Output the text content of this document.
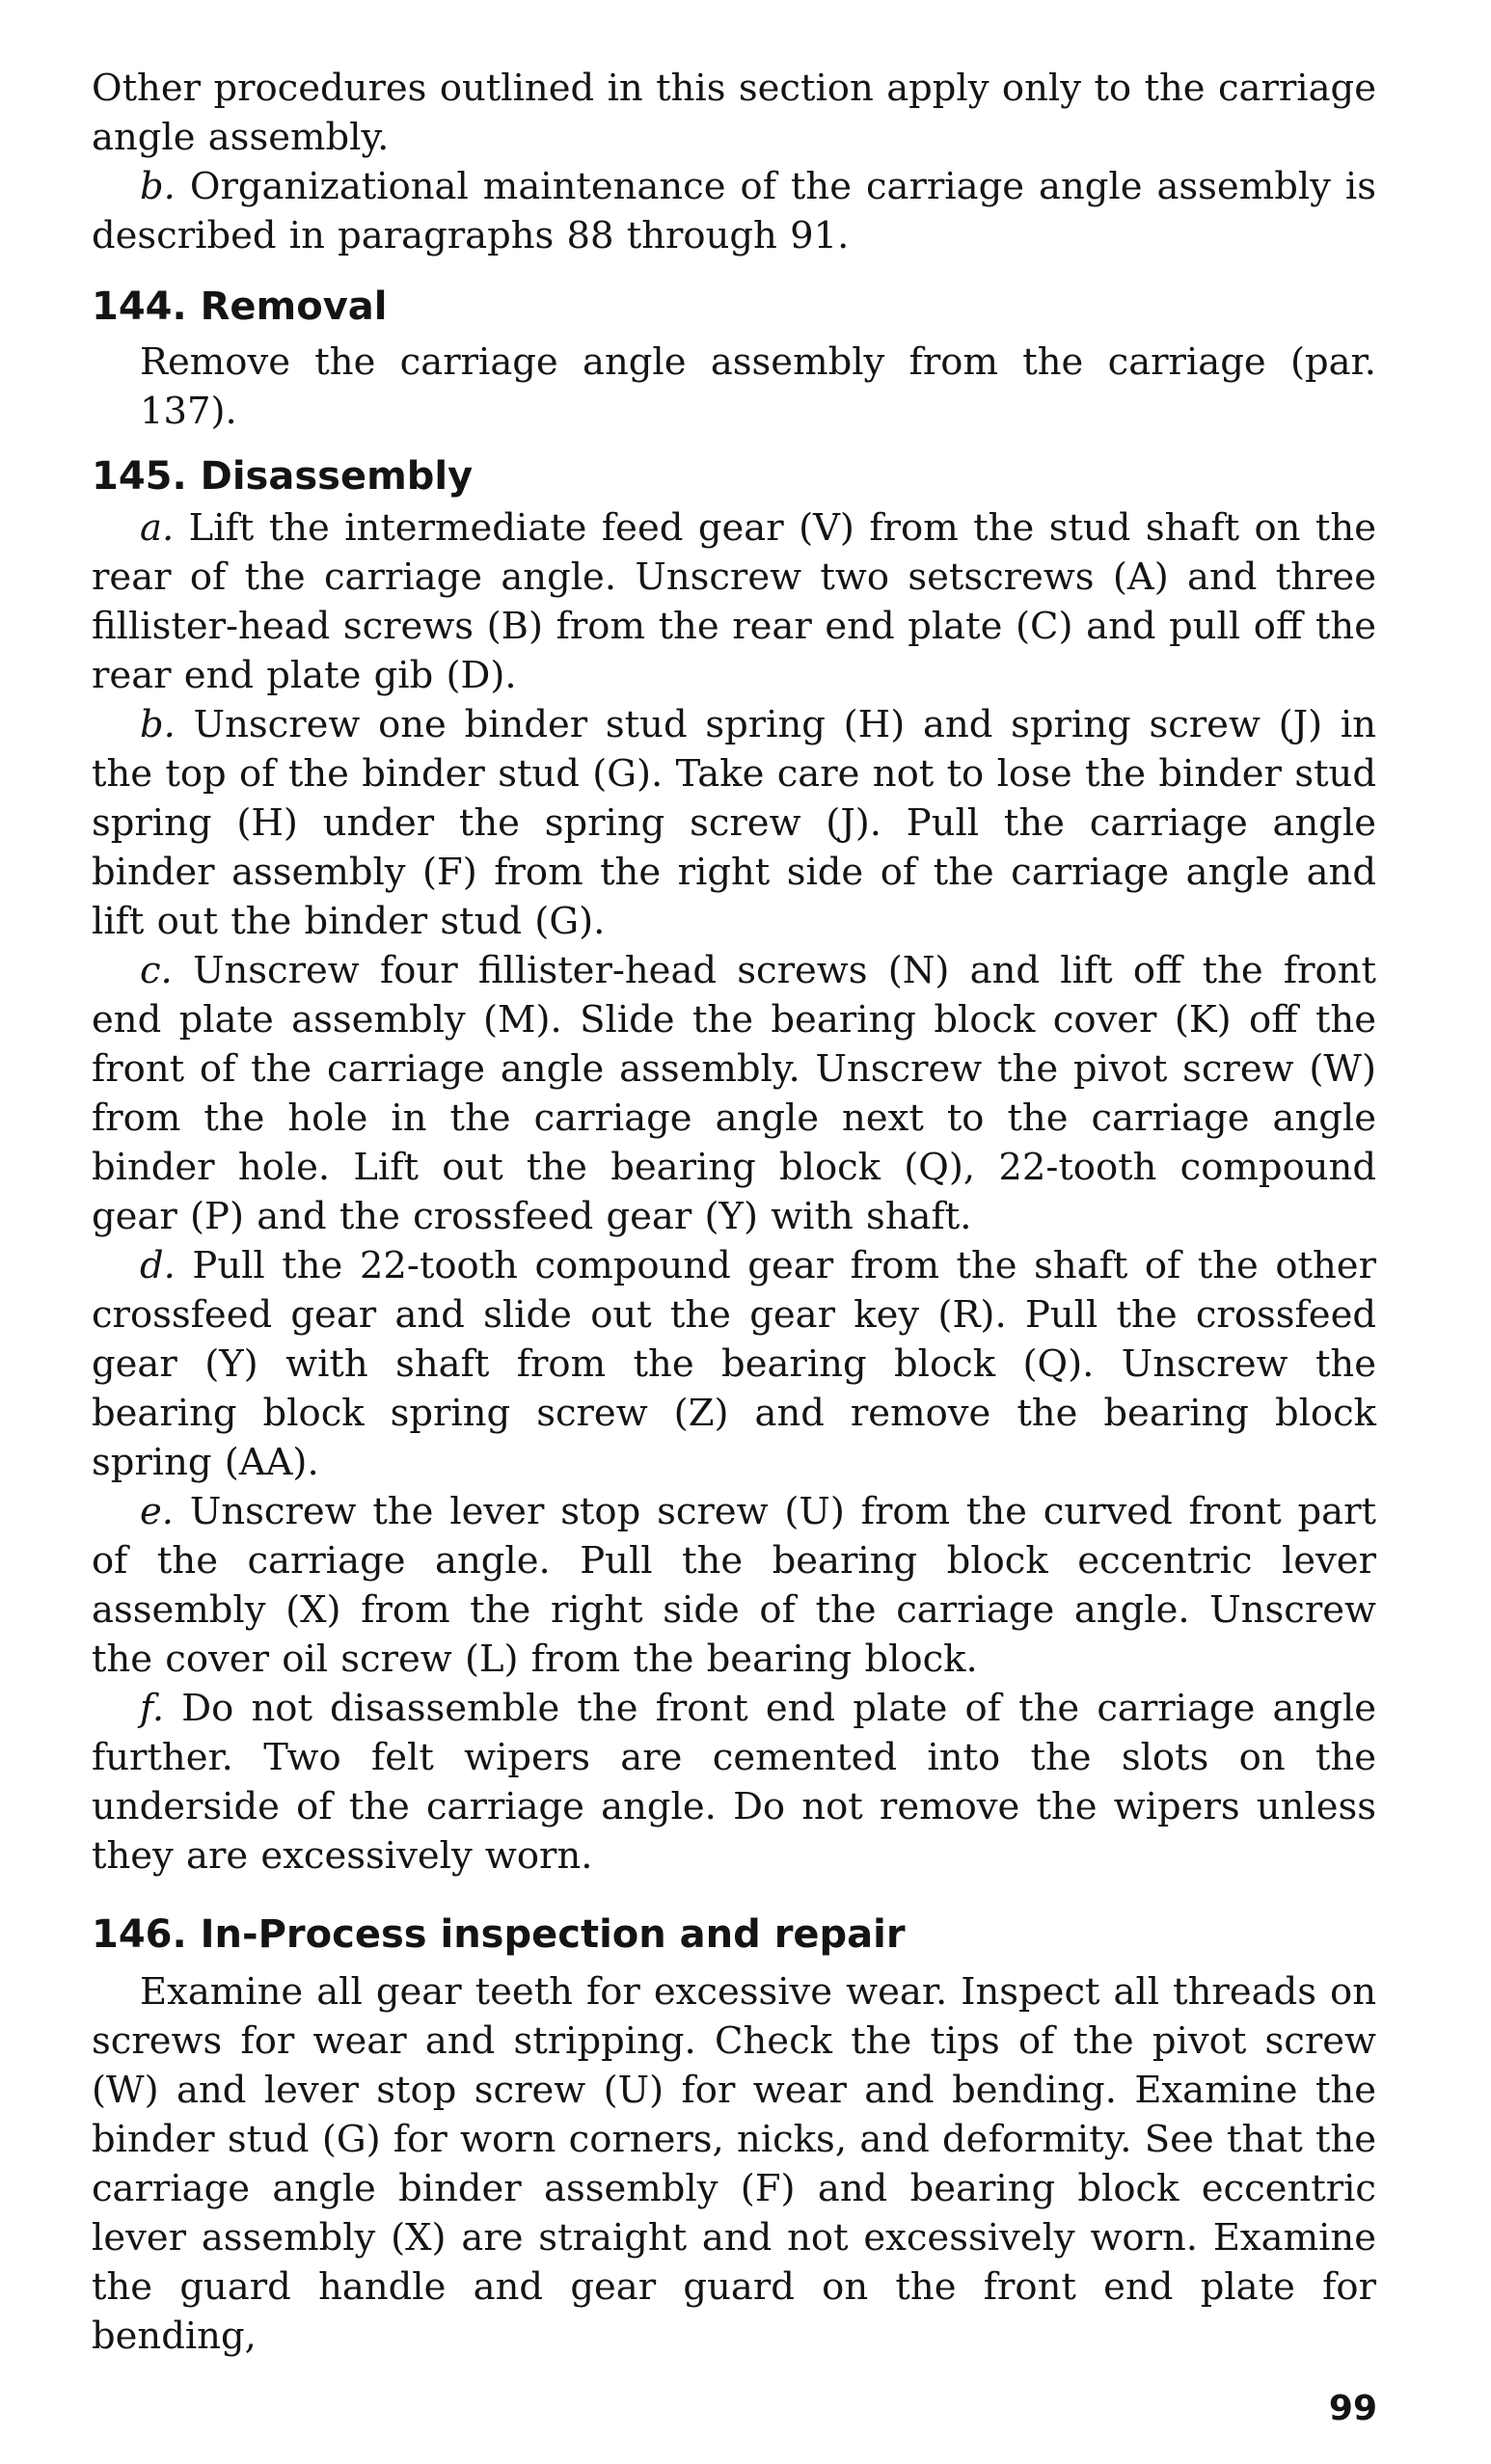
Other procedures outlined in this section apply only to the carriage angle assembly.

b. Organizational maintenance of the carriage angle assembly is described in paragraphs 88 through 91.

144. Removal

Remove the carriage angle assembly from the carriage (par. 137).

145. Disassembly

a. Lift the intermediate feed gear (V) from the stud shaft on the rear of the carriage angle. Unscrew two setscrews (A) and three fillister-head screws (B) from the rear end plate (C) and pull off the rear end plate gib (D).

b. Unscrew one binder stud spring (H) and spring screw (J) in the top of the binder stud (G). Take care not to lose the binder stud spring (H) under the spring screw (J). Pull the carriage angle binder assembly (F) from the right side of the carriage angle and lift out the binder stud (G).

c. Unscrew four fillister-head screws (N) and lift off the front end plate assembly (M). Slide the bearing block cover (K) off the front of the carriage angle assembly. Unscrew the pivot screw (W) from the hole in the carriage angle next to the carriage angle binder hole. Lift out the bearing block (Q), 22-tooth compound gear (P) and the crossfeed gear (Y) with shaft.

d. Pull the 22-tooth compound gear from the shaft of the other crossfeed gear and slide out the gear key (R). Pull the crossfeed gear (Y) with shaft from the bearing block (Q). Unscrew the bearing block spring screw (Z) and remove the bearing block spring (AA).

e. Unscrew the lever stop screw (U) from the curved front part of the carriage angle. Pull the bearing block eccentric lever assembly (X) from the right side of the carriage angle. Unscrew the cover oil screw (L) from the bearing block.

f. Do not disassemble the front end plate of the carriage angle further. Two felt wipers are cemented into the slots on the underside of the carriage angle. Do not remove the wipers unless they are excessively worn.

146. In-Process inspection and repair

Examine all gear teeth for excessive wear. Inspect all threads on screws for wear and stripping. Check the tips of the pivot screw (W) and lever stop screw (U) for wear and bending. Examine the binder stud (G) for worn corners, nicks, and deformity. See that the carriage angle binder assembly (F) and bearing block eccentric lever assembly (X) are straight and not excessively worn. Examine the guard handle and gear guard on the front end plate for bending,

99
